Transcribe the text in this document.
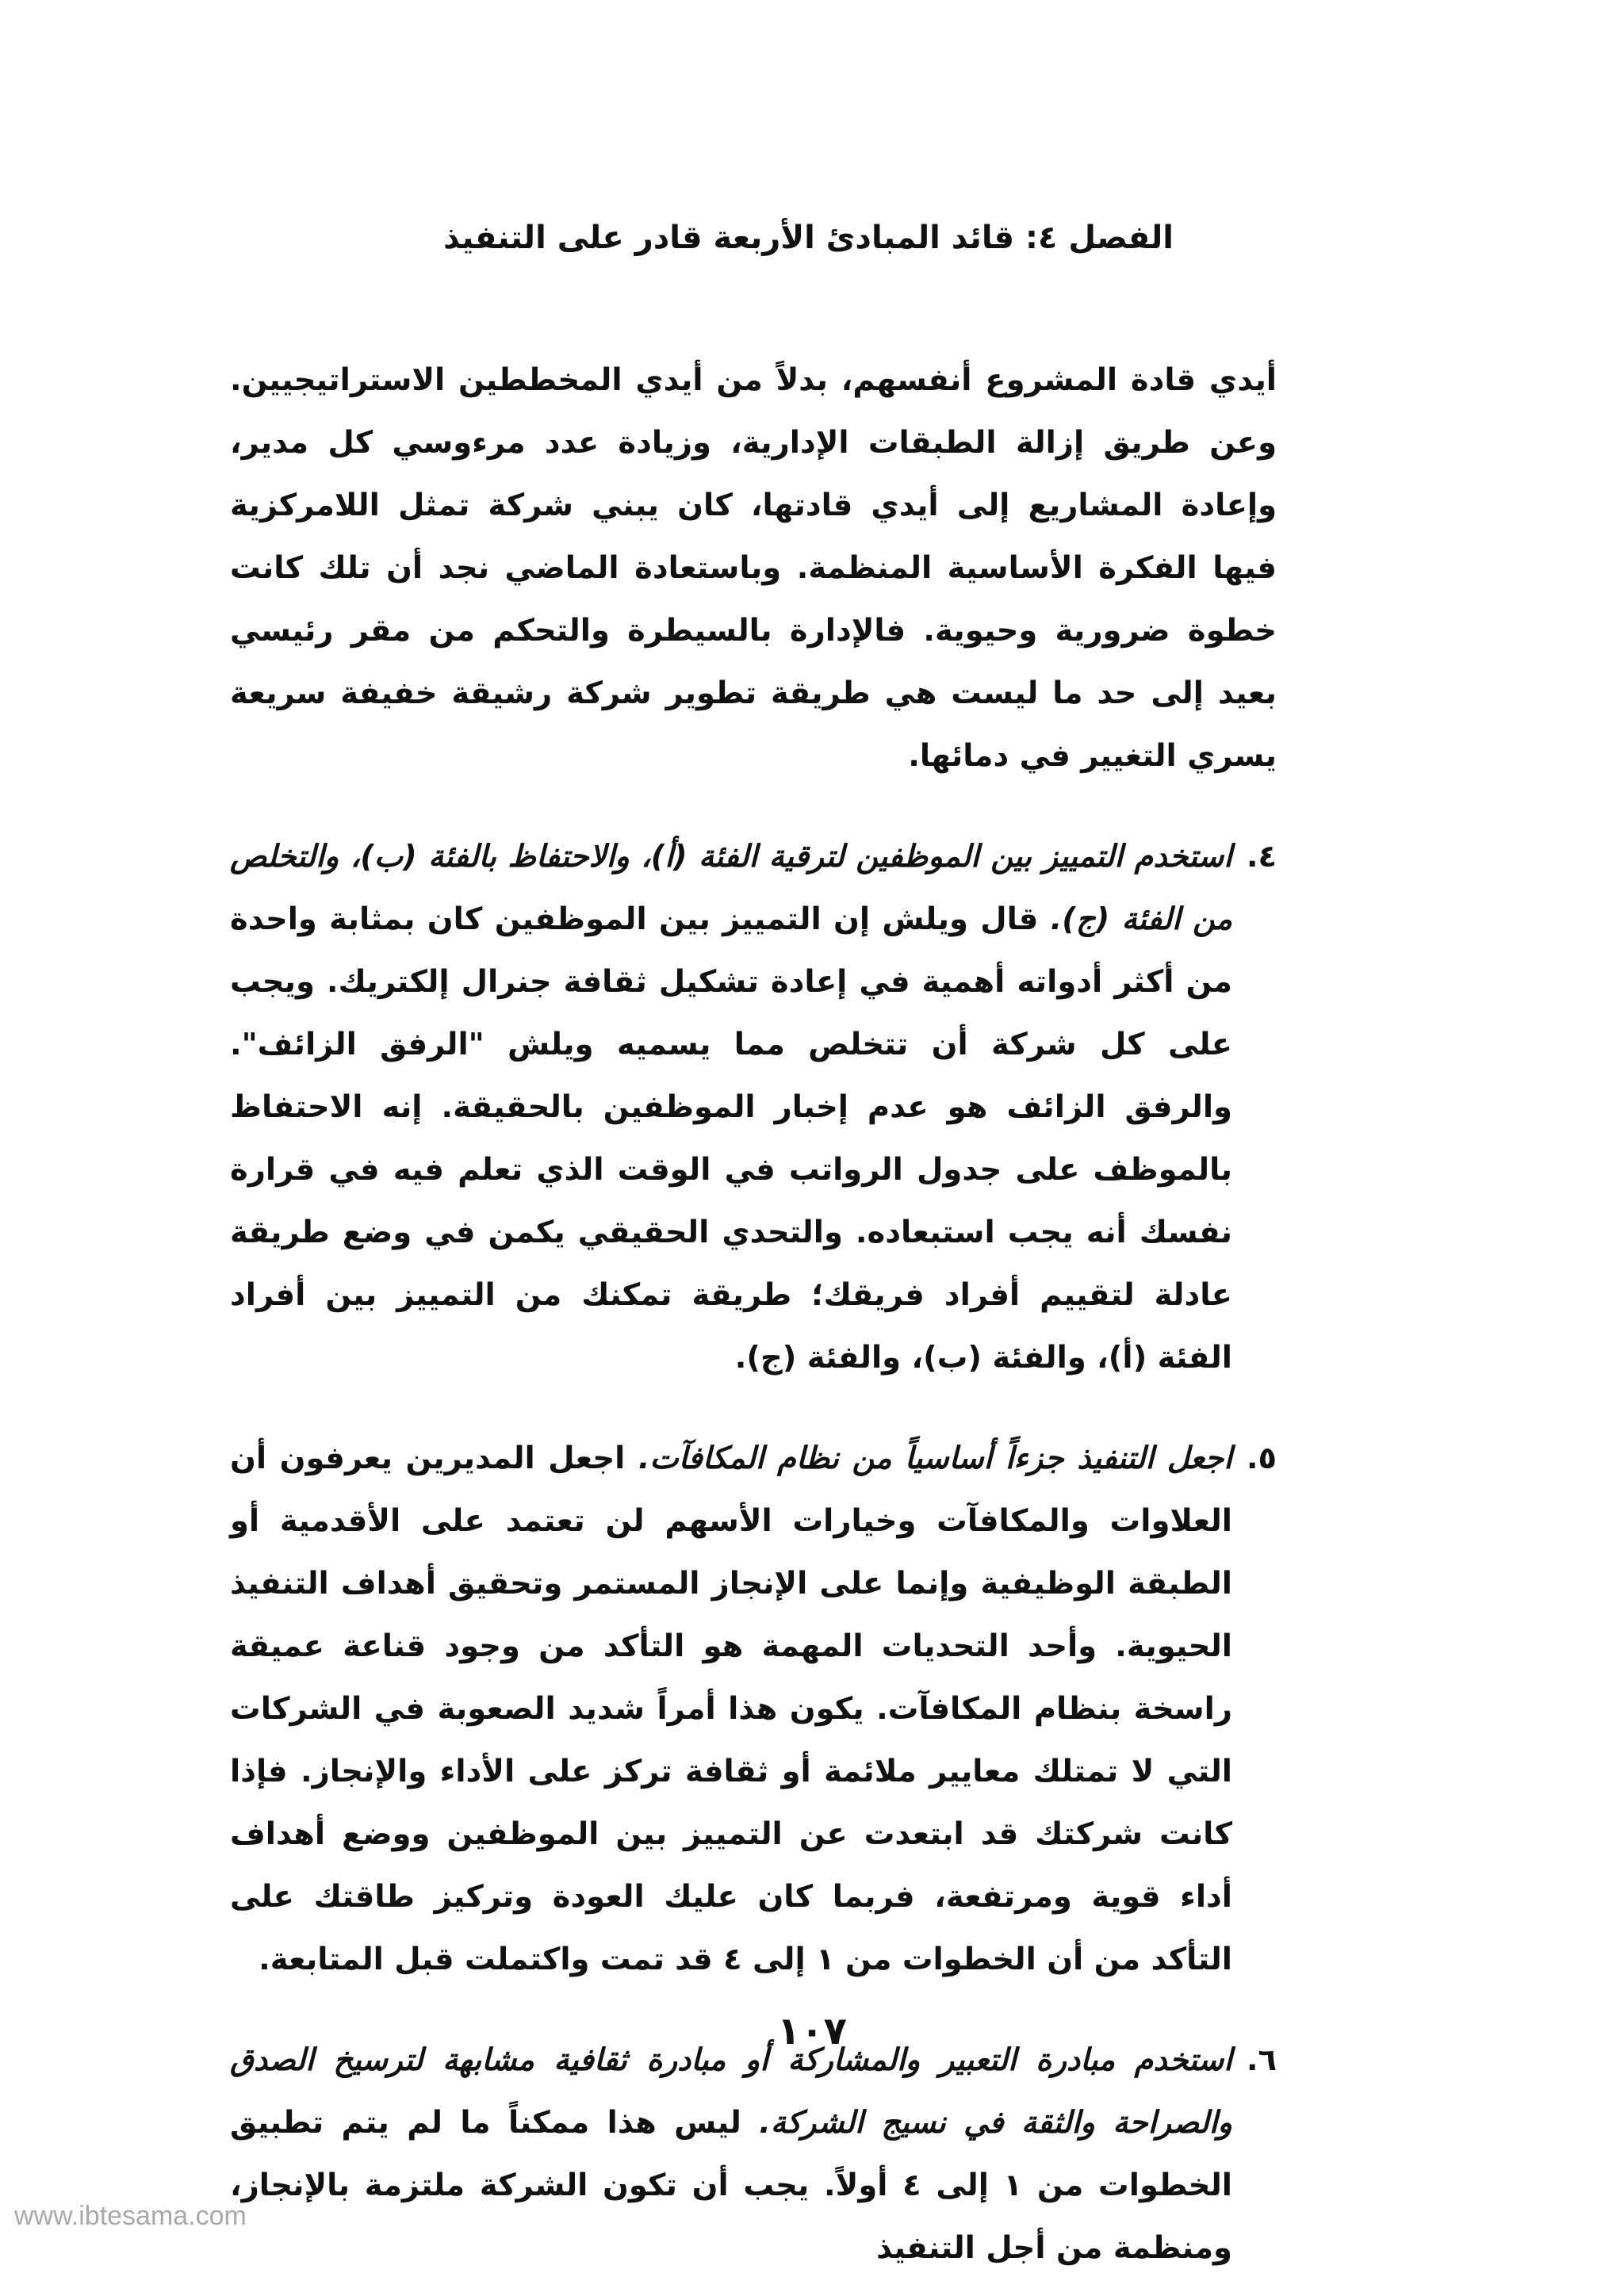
الفصل ٤: قائد المبادئ الأربعة قادر على التنفيذ

أيدي قادة المشروع أنفسهم، بدلاً من أيدي المخططين الاستراتيجيين. وعن طريق إزالة الطبقات الإدارية، وزيادة عدد مرءوسي كل مدير، وإعادة المشاريع إلى أيدي قادتها، كان يبني شركة تمثل اللامركزية فيها الفكرة الأساسية المنظمة. وباستعادة الماضي نجد أن تلك كانت خطوة ضرورية وحيوية. فالإدارة بالسيطرة والتحكم من مقر رئيسي بعيد إلى حد ما ليست هي طريقة تطوير شركة رشيقة خفيفة سريعة يسري التغيير في دمائها.

٤.
استخدم التمييز بين الموظفين لترقية الفئة (أ)، والاحتفاظ بالفئة (ب)، والتخلص من الفئة (ج). قال ويلش إن التمييز بين الموظفين كان بمثابة واحدة من أكثر أدواته أهمية في إعادة تشكيل ثقافة جنرال إلكتريك. ويجب على كل شركة أن تتخلص مما يسميه ويلش "الرفق الزائف". والرفق الزائف هو عدم إخبار الموظفين بالحقيقة. إنه الاحتفاظ بالموظف على جدول الرواتب في الوقت الذي تعلم فيه في قرارة نفسك أنه يجب استبعاده. والتحدي الحقيقي يكمن في وضع طريقة عادلة لتقييم أفراد فريقك؛ طريقة تمكنك من التمييز بين أفراد الفئة (أ)، والفئة (ب)، والفئة (ج).
٥.
اجعل التنفيذ جزءاً أساسياً من نظام المكافآت. اجعل المديرين يعرفون أن العلاوات والمكافآت وخيارات الأسهم لن تعتمد على الأقدمية أو الطبقة الوظيفية وإنما على الإنجاز المستمر وتحقيق أهداف التنفيذ الحيوية. وأحد التحديات المهمة هو التأكد من وجود قناعة عميقة راسخة بنظام المكافآت. يكون هذا أمراً شديد الصعوبة في الشركات التي لا تمتلك معايير ملائمة أو ثقافة تركز على الأداء والإنجاز. فإذا كانت شركتك قد ابتعدت عن التمييز بين الموظفين ووضع أهداف أداء قوية ومرتفعة، فربما كان عليك العودة وتركيز طاقتك على التأكد من أن الخطوات من ١ إلى ٤ قد تمت واكتملت قبل المتابعة.
٦.
استخدم مبادرة التعبير والمشاركة أو مبادرة ثقافية مشابهة لترسيخ الصدق والصراحة والثقة في نسيج الشركة. ليس هذا ممكناً ما لم يتم تطبيق الخطوات من ١ إلى ٤ أولاً. يجب أن تكون الشركة ملتزمة بالإنجاز، ومنظمة من أجل التنفيذ
١٠٧
www.ibtesama.com
